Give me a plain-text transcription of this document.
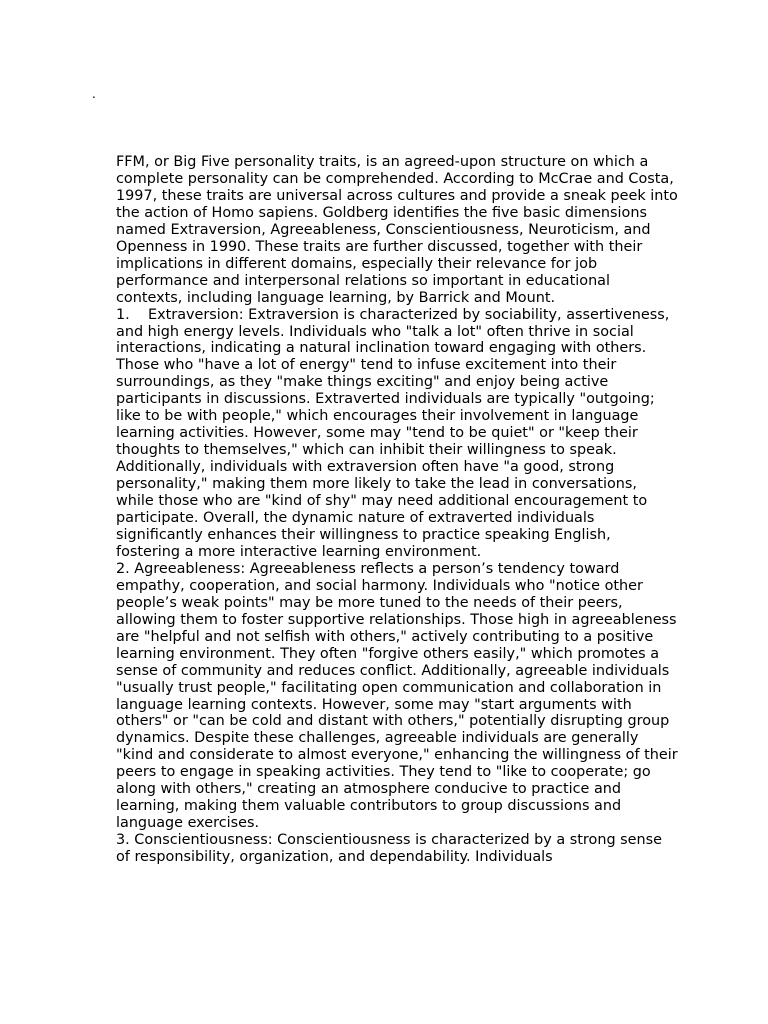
.

FFM, or Big Five personality traits, is an agreed-upon structure on which a complete personality can be comprehended. According to McCrae and Costa, 1997, these traits are universal across cultures and provide a sneak peek into the action of Homo sapiens. Goldberg identifies the five basic dimensions named Extraversion, Agreeableness, Conscientiousness, Neuroticism, and Openness in 1990. These traits are further discussed, together with their implications in different domains, especially their relevance for job performance and interpersonal relations so important in educational contexts, including language learning, by Barrick and Mount.

1.    Extraversion: Extraversion is characterized by sociability, assertiveness, and high energy levels. Individuals who "talk a lot" often thrive in social interactions, indicating a natural inclination toward engaging with others. Those who "have a lot of energy" tend to infuse excitement into their surroundings, as they "make things exciting" and enjoy being active participants in discussions. Extraverted individuals are typically "outgoing; like to be with people," which encourages their involvement in language learning activities. However, some may "tend to be quiet" or "keep their thoughts to themselves," which can inhibit their willingness to speak. Additionally, individuals with extraversion often have "a good, strong personality," making them more likely to take the lead in conversations, while those who are "kind of shy" may need additional encouragement to participate. Overall, the dynamic nature of extraverted individuals significantly enhances their willingness to practice speaking English, fostering a more interactive learning environment.

2. Agreeableness: Agreeableness reflects a person’s tendency toward empathy, cooperation, and social harmony. Individuals who "notice other people’s weak points" may be more tuned to the needs of their peers, allowing them to foster supportive relationships. Those high in agreeableness are "helpful and not selfish with others," actively contributing to a positive learning environment. They often "forgive others easily," which promotes a sense of community and reduces conflict. Additionally, agreeable individuals "usually trust people," facilitating open communication and collaboration in language learning contexts. However, some may "start arguments with others" or "can be cold and distant with others," potentially disrupting group dynamics. Despite these challenges, agreeable individuals are generally "kind and considerate to almost everyone," enhancing the willingness of their peers to engage in speaking activities. They tend to "like to cooperate; go along with others," creating an atmosphere conducive to practice and learning, making them valuable contributors to group discussions and language exercises.

3. Conscientiousness: Conscientiousness is characterized by a strong sense of responsibility, organization, and dependability. Individuals
